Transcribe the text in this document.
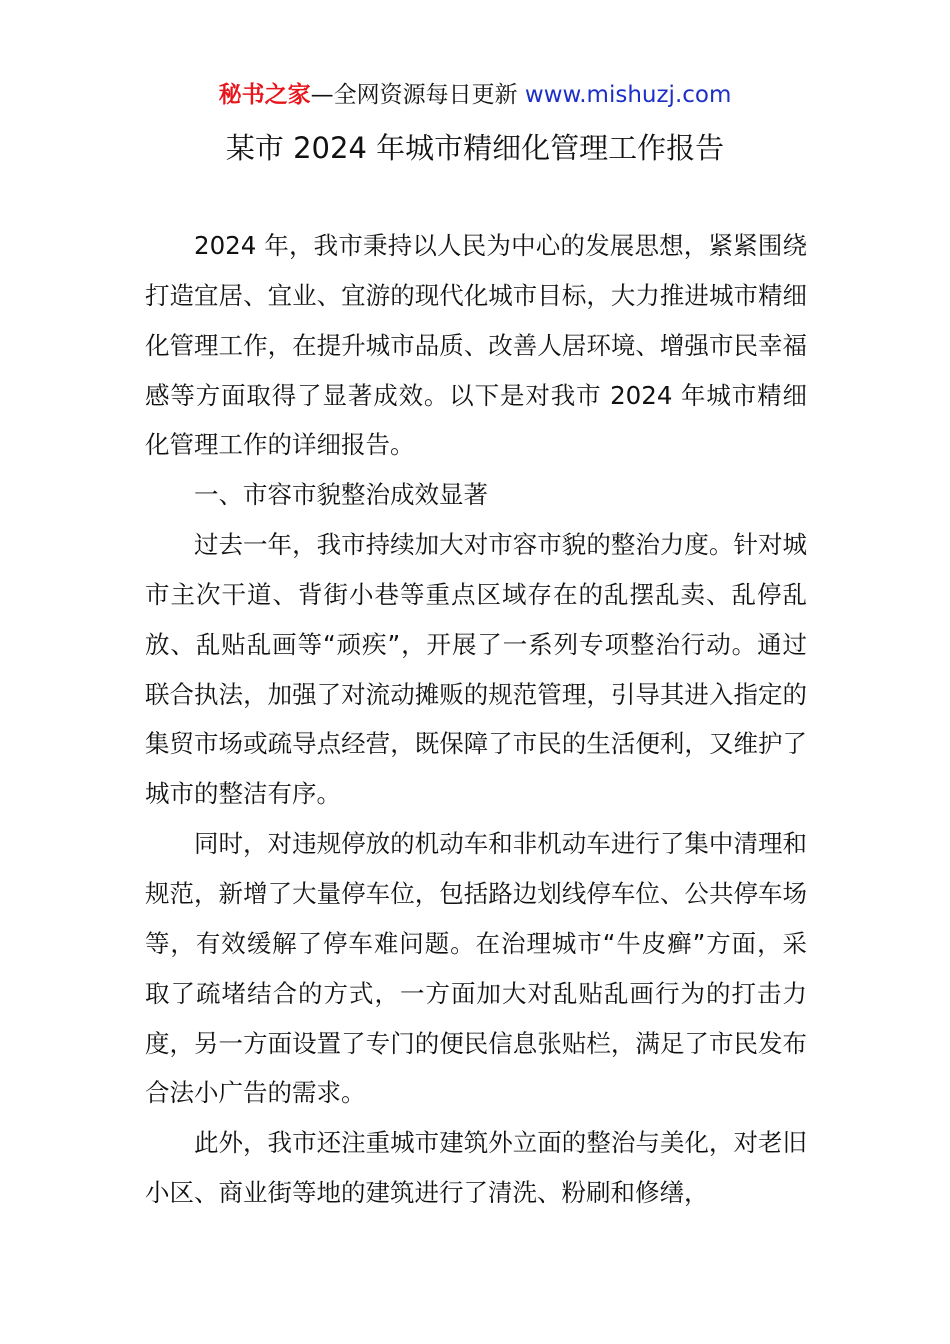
秘书之家—全网资源每日更新 www.mishuzj.com
某市 2024 年城市精细化管理工作报告

2024 年，我市秉持以人民为中心的发展思想，紧紧围绕打造宜居、宜业、宜游的现代化城市目标，大力推进城市精细化管理工作，在提升城市品质、改善人居环境、增强市民幸福感等方面取得了显著成效。以下是对我市 2024 年城市精细化管理工作的详细报告。

一、市容市貌整治成效显著

过去一年，我市持续加大对市容市貌的整治力度。针对城市主次干道、背街小巷等重点区域存在的乱摆乱卖、乱停乱放、乱贴乱画等“顽疾”，开展了一系列专项整治行动。通过联合执法，加强了对流动摊贩的规范管理，引导其进入指定的集贸市场或疏导点经营，既保障了市民的生活便利，又维护了城市的整洁有序。

同时，对违规停放的机动车和非机动车进行了集中清理和规范，新增了大量停车位，包括路边划线停车位、公共停车场等，有效缓解了停车难问题。在治理城市“牛皮癣”方面，采取了疏堵结合的方式，一方面加大对乱贴乱画行为的打击力度，另一方面设置了专门的便民信息张贴栏，满足了市民发布合法小广告的需求。

此外，我市还注重城市建筑外立面的整治与美化，对老旧小区、商业街等地的建筑进行了清洗、粉刷和修缮，
